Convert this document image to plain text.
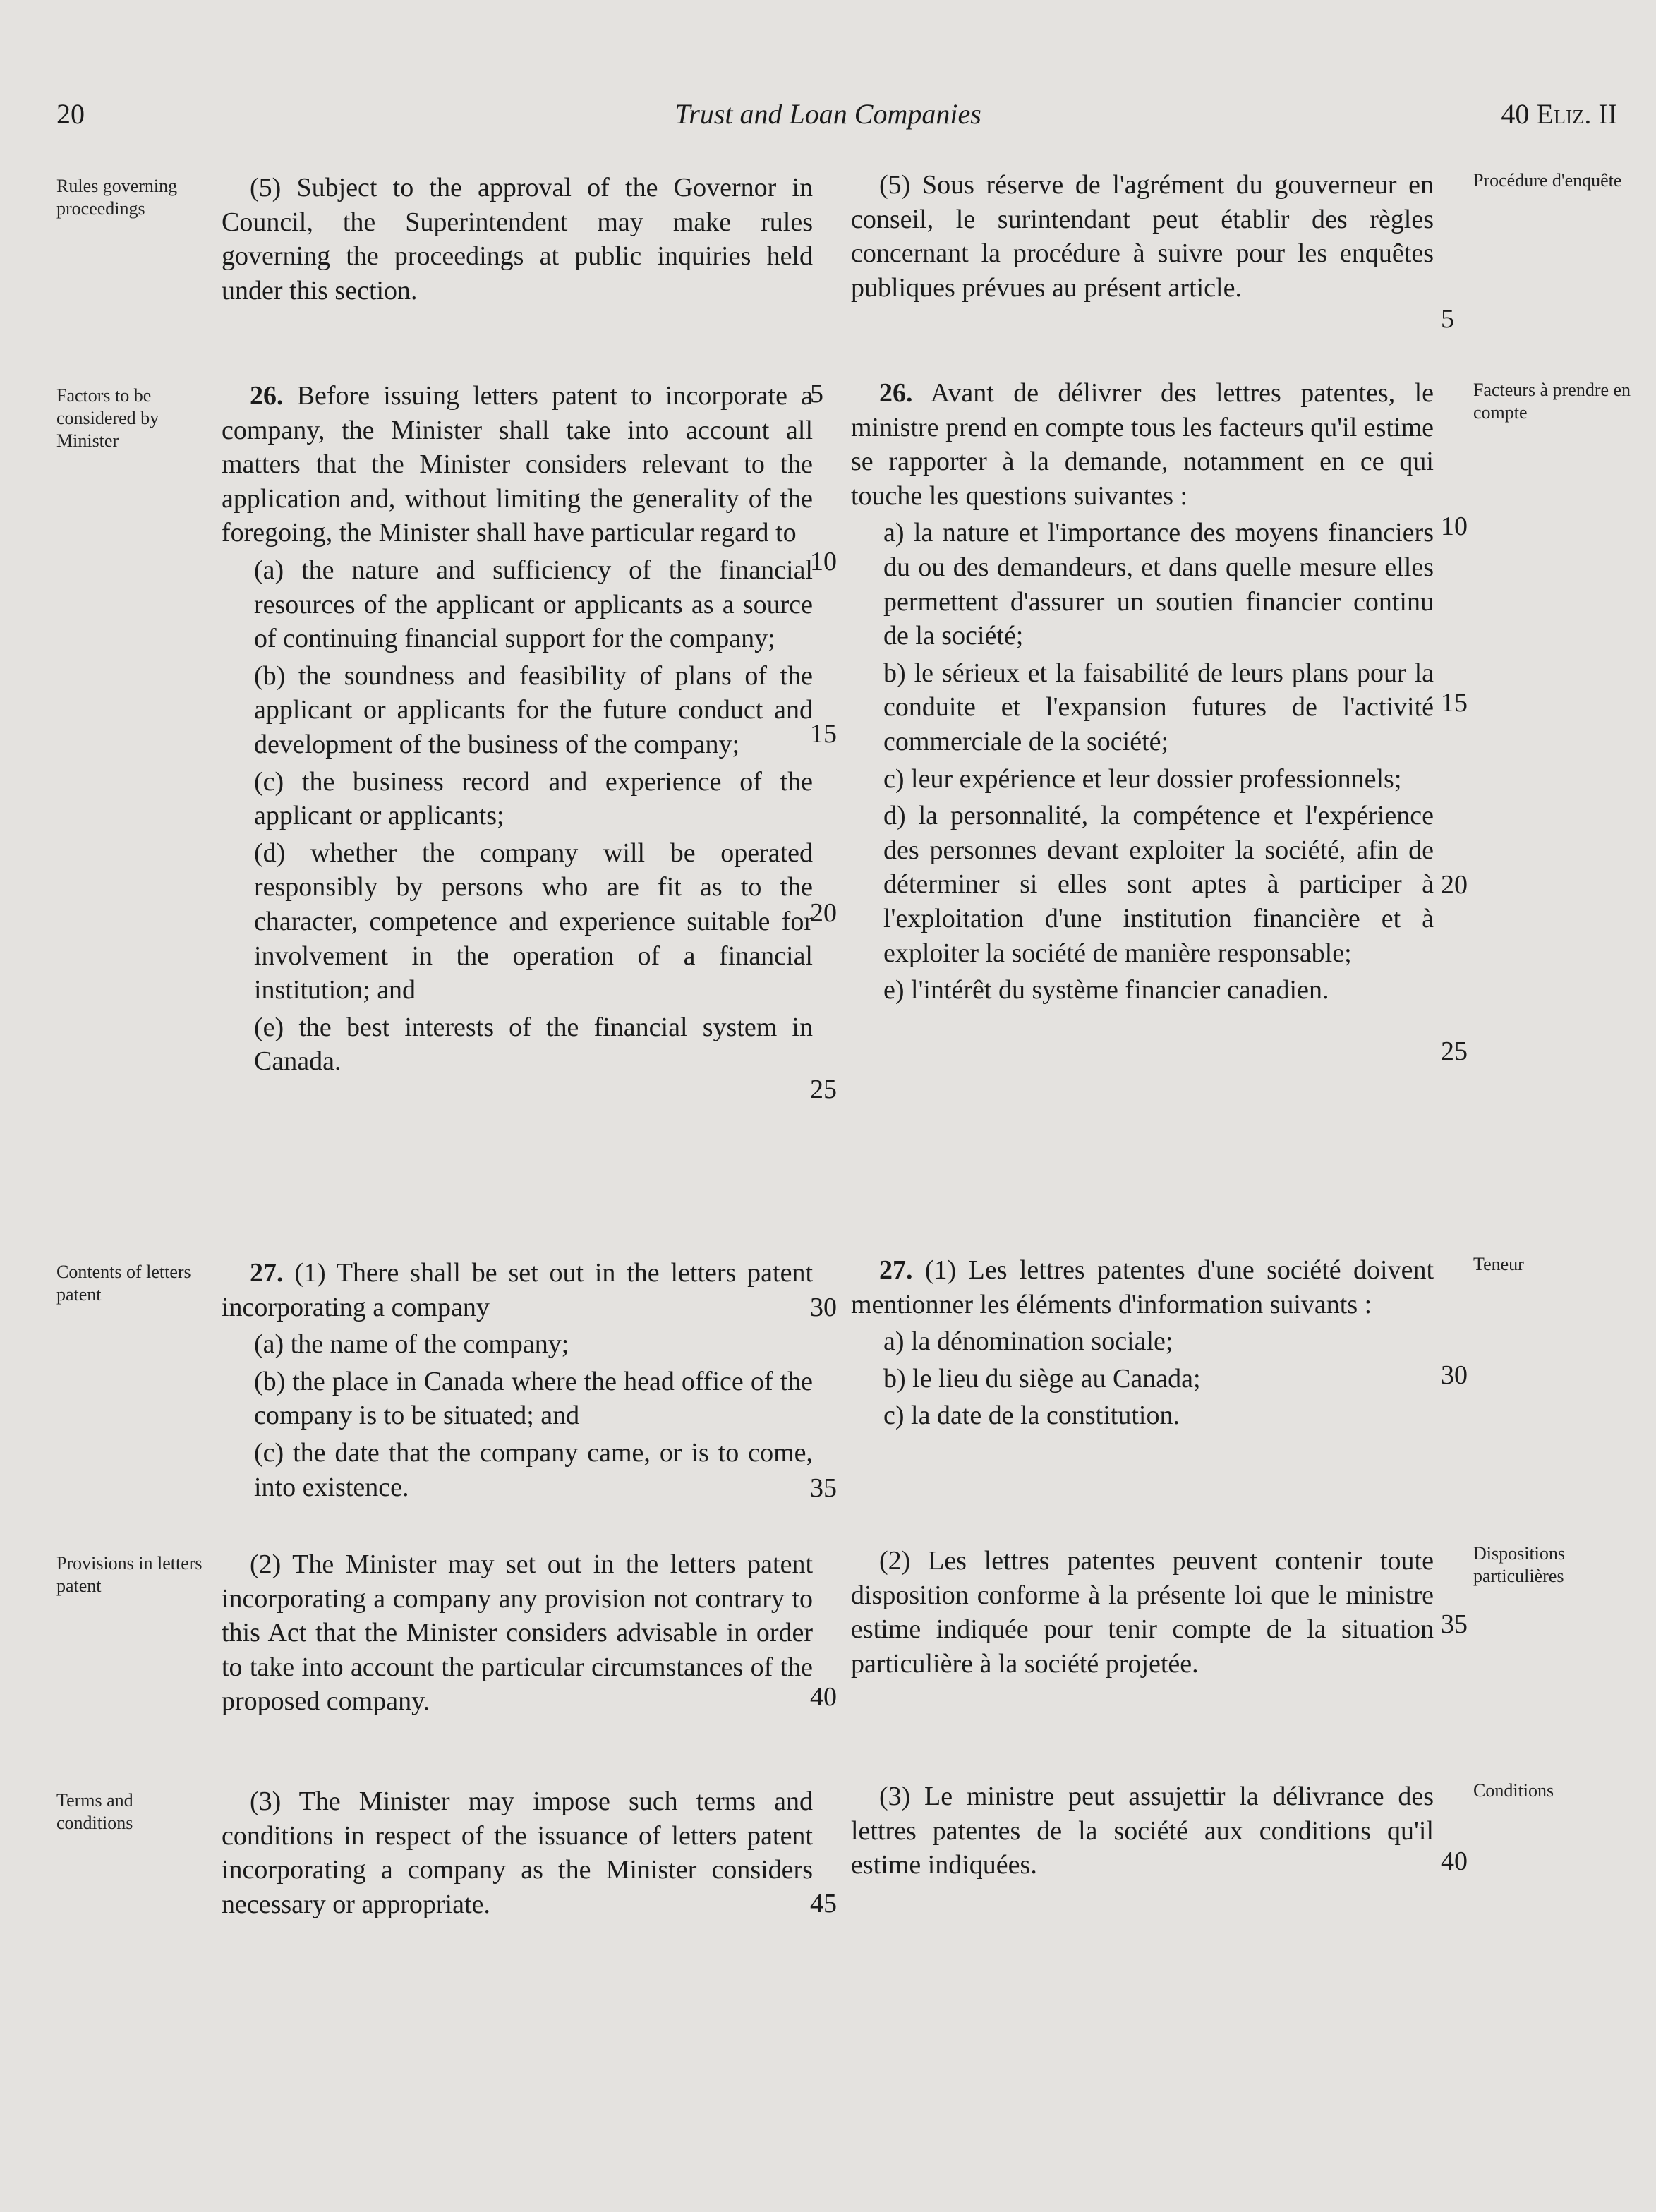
20	Trust and Loan Companies	40 Eliz. II
Rules governing proceedings
Factors to be considered by Minister
Contents of letters patent
Provisions in letters patent
Terms and conditions
Procédure d'enquête
Facteurs à prendre en compte
Teneur
Dispositions particulières
Conditions

(5) Subject to the approval of the Governor in Council, the Superintendent may make rules governing the proceedings at public inquiries held under this section.

26. Before issuing letters patent to incorporate a company, the Minister shall take into account all matters that the Minister considers relevant to the application and, without limiting the generality of the foregoing, the Minister shall have particular regard to

(a) the nature and sufficiency of the financial resources of the applicant or applicants as a source of continuing financial support for the company;

(b) the soundness and feasibility of plans of the applicant or applicants for the future conduct and development of the business of the company;

(c) the business record and experience of the applicant or applicants;

(d) whether the company will be operated responsibly by persons who are fit as to the character, competence and experience suitable for involvement in the operation of a financial institution; and

(e) the best interests of the financial system in Canada.

27. (1) There shall be set out in the letters patent incorporating a company

(a) the name of the company;

(b) the place in Canada where the head office of the company is to be situated; and

(c) the date that the company came, or is to come, into existence.

(2) The Minister may set out in the letters patent incorporating a company any provision not contrary to this Act that the Minister considers advisable in order to take into account the particular circumstances of the proposed company.

(3) The Minister may impose such terms and conditions in respect of the issuance of letters patent incorporating a company as the Minister considers necessary or appropriate.

(5) Sous réserve de l'agrément du gouverneur en conseil, le surintendant peut établir des règles concernant la procédure à suivre pour les enquêtes publiques prévues au présent article.

26. Avant de délivrer des lettres patentes, le ministre prend en compte tous les facteurs qu'il estime se rapporter à la demande, notamment en ce qui touche les questions suivantes :

a) la nature et l'importance des moyens financiers du ou des demandeurs, et dans quelle mesure elles permettent d'assurer un soutien financier continu de la société;

b) le sérieux et la faisabilité de leurs plans pour la conduite et l'expansion futures de l'activité commerciale de la société;

c) leur expérience et leur dossier professionnels;

d) la personnalité, la compétence et l'expérience des personnes devant exploiter la société, afin de déterminer si elles sont aptes à participer à l'exploitation d'une institution financière et à exploiter la société de manière responsable;

e) l'intérêt du système financier canadien.

27. (1) Les lettres patentes d'une société doivent mentionner les éléments d'information suivants :

a) la dénomination sociale;

b) le lieu du siège au Canada;

c) la date de la constitution.

(2) Les lettres patentes peuvent contenir toute disposition conforme à la présente loi que le ministre estime indiquée pour tenir compte de la situation particulière à la société projetée.

(3) Le ministre peut assujettir la délivrance des lettres patentes de la société aux conditions qu'il estime indiquées.

5
10
15
20
25
30
35
40
45
5
10
15
20
25
30
35
40
